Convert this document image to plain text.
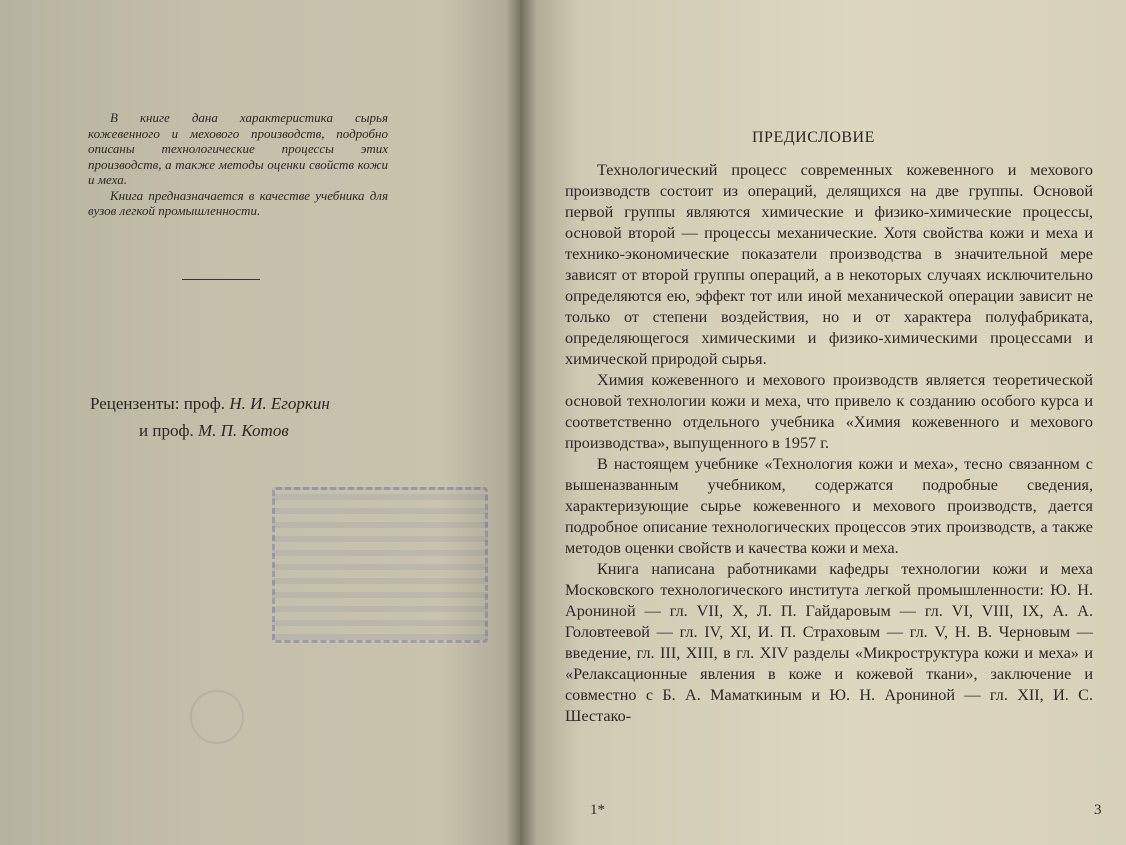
В книге дана характеристика сырья кожевенного и мехового производств, подробно описаны технологические процессы этих производств, а также методы оценки свойств кожи и меха.

Книга предназначается в качестве учебника для вузов легкой промышленности.

Рецензенты: проф. Н. И. Егоркин
и проф. М. П. Котов
ПРЕДИСЛОВИЕ

Технологический процесс современных кожевенного и мехового производств состоит из операций, делящихся на две группы. Основой первой группы являются химические и физико-химические процессы, основой второй — процессы механические. Хотя свойства кожи и меха и технико-экономические показатели производства в значительной мере зависят от второй группы операций, а в некоторых случаях исключительно определяются ею, эффект тот или иной механической операции зависит не только от степени воздействия, но и от характера полуфабриката, определяющегося химическими и физико-химическими процессами и химической природой сырья.

Химия кожевенного и мехового производств является теоретической основой технологии кожи и меха, что привело к созданию особого курса и соответственно отдельного учебника «Химия кожевенного и мехового производства», выпущенного в 1957 г.

В настоящем учебнике «Технология кожи и меха», тесно связанном с вышеназванным учебником, содержатся подробные сведения, характеризующие сырье кожевенного и мехового производств, дается подробное описание технологических процессов этих производств, а также методов оценки свойств и качества кожи и меха.

Книга написана работниками кафедры технологии кожи и меха Московского технологического института легкой промышленности: Ю. Н. Арониной — гл. VII, X, Л. П. Гайдаровым — гл. VI, VIII, IX, А. А. Головтеевой — гл. IV, XI, И. П. Страховым — гл. V, Н. В. Черновым — введение, гл. III, XIII, в гл. XIV разделы «Микроструктура кожи и меха» и «Релаксационные явления в коже и кожевой ткани», заключение и совместно с Б. А. Маматкиным и Ю. Н. Арониной — гл. XII, И. С. Шестако-

1*	3
